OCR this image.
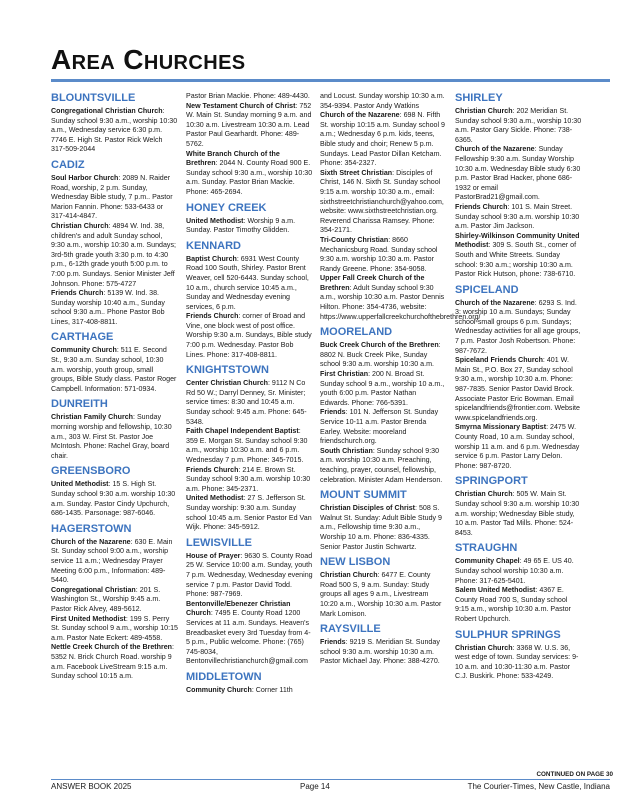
Area Churches
BLOUNTSVILLE

Congregational Christian Church: Sunday school 9:30 a.m., worship 10:30 a.m., Wednesday service 6:30 p.m. 7746 E. High St. Pastor Rick Welch 317-509-2044

CADIZ

Soul Harbor Church: 2089 N. Raider Road, worship, 2 p.m. Sunday, Wednesday Bible study, 7 p.m.. Pastor Marion Fannin. Phone: 533-6433 or 317-414-4847.

Christian Church: 4894 W. Ind. 38, children's and adult Sunday school, 9:30 a.m., worship 10:30 a.m. Sundays; 3rd-5th grade youth 3:30 p.m. to 4:30 p.m., 6-12th grade youth 5:00 p.m. to 7:00 p.m. Sundays. Senior Minister Jeff Johnson. Phone: 575-4727

Friends Church: 5139 W. Ind. 38. Sunday worship 10:40 a.m., Sunday school 9:30 a.m.. Phone Pastor Bob Lines, 317-408-8811.

CARTHAGE

Community Church: 511 E. Second St., 9:30 a.m. Sunday school, 10:30 a.m. worship, youth group, small groups, Bible Study class. Pastor Roger Campbell. Information: 571-0934.

DUNREITH

Christian Family Church: Sunday morning worship and fellowship, 10:30 a.m., 303 W. First St. Pastor Joe McIntosh. Phone: Rachel Gray, board chair.

GREENSBORO

United Methodist: 15 S. High St. Sunday school 9:30 a.m. worship 10:30 a.m. Sunday. Pastor Cindy Upchurch, 686-1435. Parsonage: 987-6046.

HAGERSTOWN

Church of the Nazarene: 630 E. Main St. Sunday school 9:00 a.m., worship service 11 a.m.; Wednesday Prayer Meeting 6:00 p.m., Information: 489-5440.

Congregational Christian: 201 S. Washington St., Worship 9:45 a.m. Pastor Rick Alvey, 489-5612.

First United Methodist: 199 S. Perry St. Sunday school 9 a.m., worship 10:15 a.m. Pastor Nate Eckert: 489-4558.

Nettle Creek Church of the Brethren: 5352 N. Brick Church Road. worship 9 a.m. Facebook LiveStream 9:15 a.m. Sunday school 10:15 a.m.

Pastor Brian Mackie. Phone: 489-4430.

New Testament Church of Christ: 752 W. Main St. Sunday morning 9 a.m. and 10:30 a.m. Livestream 10:30 a.m. Lead Pastor Paul Gearhardt. Phone: 489-5762.

White Branch Church of the Brethren: 2044 N. County Road 900 E. Sunday school 9:30 a.m., worship 10:30 a.m. Sunday. Pastor Brian Mackie. Phone: 465-2694.

HONEY CREEK

United Methodist: Worship 9 a.m. Sunday. Pastor Timothy Glidden.

KENNARD

Baptist Church: 6931 West County Road 100 South, Shirley. Pastor Brent Weaver, cell 520-6443. Sunday school, 10 a.m., church service 10:45 a.m., Sunday and Wednesday evening services, 6 p.m.

Friends Church: corner of Broad and Vine, one block west of post office. Worship 9:30 a.m. Sundays, Bible study 7:00 p.m. Wednesday. Pastor Bob Lines. Phone: 317-408-8811.

KNIGHTSTOWN

Center Christian Church: 9112 N Co Rd 50 W.; Darryl Denney, Sr. Minister; service times: 8:30 and 10:45 a.m. Sunday school: 9:45 a.m. Phone: 645-5348.

Faith Chapel Independent Baptist: 359 E. Morgan St. Sunday school 9:30 a.m., worship 10:30 a.m. and 6 p.m. Wednesday 7 p.m. Phone: 345-7015.

Friends Church: 214 E. Brown St. Sunday school 9:30 a.m. worship 10:30 a.m. Phone: 345-2371.

United Methodist: 27 S. Jefferson St. Sunday worship: 9:30 a.m. Sunday school 10:45 a.m. Senior Pastor Ed Van Wijk. Phone: 345-5912.

LEWISVILLE

House of Prayer: 9630 S. County Road 25 W. Service 10:00 a.m. Sunday, youth 7 p.m. Wednesday, Wednesday evening service 7 p.m. Pastor David Todd. Phone: 987-7969.

Bentonville/Ebenezer Christian Church: 7495 E. County Road 1200 Services at 11 a.m. Sundays. Heaven's Breadbasket every 3rd Tuesday from 4-5 p.m., Public welcome. Phone: (765) 745-8034, Bentonvillechristianchurch@gmail.com

MIDDLETOWN

Community Church: Corner 11th

and Locust. Sunday worship 10:30 a.m. 354-9394. Pastor Andy Watkins

Church of the Nazarene: 698 N. Fifth St. worship 10:15 a.m. Sunday school 9 a.m.; Wednesday 6 p.m. kids, teens, Bible study and choir; Renew 5 p.m. Sundays. Lead Pastor Dillan Ketcham. Phone: 354-2327.

Sixth Street Christian: Disciples of Christ, 146 N. Sixth St. Sunday school 9:15 a.m. worship 10:30 a.m., email: sixthstreetchristianchurch@yahoo.com, website: www.sixthstreetchristian.org. Reverend Charissa Ramsey. Phone: 354-2171.

Tri-County Christian: 8660 Mechanicsburg Road. Sunday school 9:30 a.m. worship 10:30 a.m. Pastor Randy Greene. Phone: 354-9058.

Upper Fall Creek Church of the Brethren: Adult Sunday school 9:30 a.m., worship 10:30 a.m. Pastor Dennis Hilton. Phone: 354-4736, website: https://www.upperfallcreekchurchofthebrethren.org/

MOORELAND

Buck Creek Church of the Brethren: 8802 N. Buck Creek Pike, Sunday school 9:30 a.m. worship 10:30 a.m.

First Christian: 200 N. Broad St. Sunday school 9 a.m., worship 10 a.m., youth 6:00 p.m. Pastor Nathan Edwards. Phone: 766-5391.

Friends: 101 N. Jefferson St. Sunday Service 10-11 a.m. Pastor Brenda Earley. Website: mooreland friendschurch.org.

South Christian: Sunday school 9:30 a.m. worship 10:30 a.m. Preaching, teaching, prayer, counsel, fellowship, celebration. Minister Adam Henderson.

MOUNT SUMMIT

Christian Disciples of Christ: 508 S. Walnut St. Sunday: Adult Bible Study 9 a.m., Fellowship time 9:30 a.m., Worship 10 a.m. Phone: 836-4335. Senior Pastor Justin Schwartz.

NEW LISBON

Christian Church: 6477 E. County Road 500 S, 9 a.m. Sunday: Study groups all ages 9 a.m., Livestream 10:20 a.m., Worship 10:30 a.m. Pastor Mark Lomison.

RAYSVILLE

Friends: 9219 S. Meridian St. Sunday school 9:30 a.m. worship 10:30 a.m. Pastor Michael Jay. Phone: 388-4270.

SHIRLEY

Christian Church: 202 Meridian St. Sunday school 9:30 a.m., worship 10:30 a.m. Pastor Gary Sickle. Phone: 738-6365.

Church of the Nazarene: Sunday Fellowship 9:30 a.m. Sunday Worship 10:30 a.m. Wednesday Bible study 6:30 p.m. Pastor Brad Hacker, phone 686-1932 or email PastorBrad21@gmail.com.

Friends Church: 101 S. Main Street. Sunday school 9:30 a.m. worship 10:30 a.m. Pastor Jim Jackson.

Shirley-Wilkinson Community United Methodist: 309 S. South St., corner of South and White Streets. Sunday school: 9:30 a.m.; worship 10:30 a.m. Pastor Rick Hutson, phone: 738-6710.

SPICELAND

Church of the Nazarene: 6293 S. Ind. 3: worship 10 a.m. Sundays; Sunday school-small groups 6 p.m. Sundays; Wednesday activities for all age groups, 7 p.m. Pastor Josh Robertson. Phone: 987-7672.

Spiceland Friends Church: 401 W. Main St., P.O. Box 27, Sunday school 9:30 a.m., worship 10:30 a.m. Phone: 987-7835. Senior Pastor David Brock. Associate Pastor Eric Bowman. Email spicelandfriends@frontier.com. Website www.spicelandfriends.org.

Smyrna Missionary Baptist: 2475 W. County Road, 10 a.m. Sunday school, worship 11 a.m. and 6 p.m. Wednesday service 6 p.m. Pastor Larry Delon. Phone: 987-8720.

SPRINGPORT

Christian Church: 505 W. Main St. Sunday school 9:30 a.m. worship 10:30 a.m. worship; Wednesday Bible study, 10 a.m. Pastor Tad Mills. Phone: 524-8453.

STRAUGHN

Community Chapel: 49 65 E. US 40. Sunday school worship 10:30 a.m. Phone: 317-625-5401.

Salem United Methodist: 4367 E. County Road 700 S, Sunday school 9:15 a.m., worship 10:30 a.m. Pastor Robert Upchurch.

SULPHUR SPRINGS

Christian Church: 3368 W. U.S. 36, west edge of town. Sunday services: 9-10 a.m. and 10:30-11:30 a.m. Pastor C.J. Buskirk. Phone: 533-4249.

CONTINUED ON PAGE 30
ANSWER BOOK 2025	Page 14	The Courier-Times, New Castle, Indiana
